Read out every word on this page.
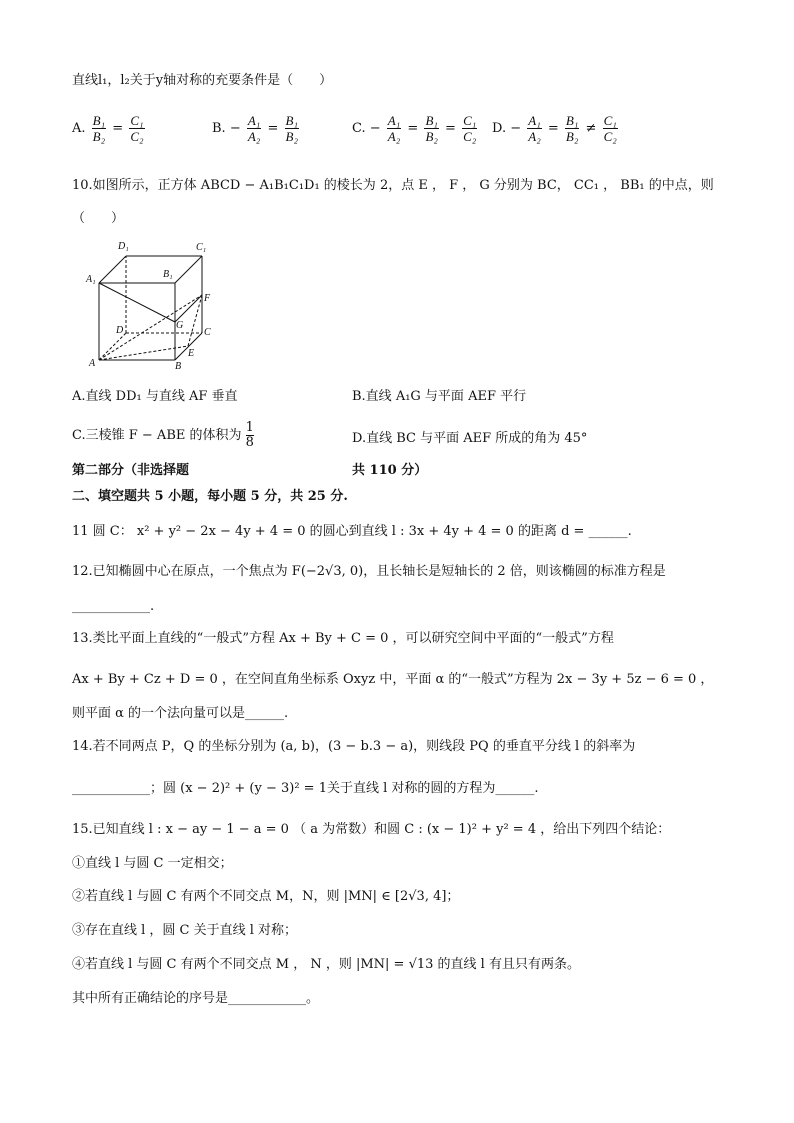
直线l₁，l₂关于y轴对称的充要条件是（　　）
A. $\frac{\text{B₁}}{\text{B₂}} = \frac{\text{C₁}}{\text{C₂}}$	B. − $\frac{\text{A₁}}{\text{A₂}} = \frac{\text{B₁}}{\text{B₂}}$	C. − $\frac{\text{A₁}}{\text{A₂}} = \frac{\text{B₁}}{\text{B₂}} = \frac{\text{C₁}}{\text{C₂}} D$. − $\frac{\text{A₁}}{\text{A₂}} = \frac{\text{B₁}}{\text{B₂}} \ne \frac{\text{C₁}}{\text{C₂}}$
10.如图所示，正方体 ABCD − A₁B₁C₁D₁ 的棱长为 2，点 E ， F ， G 分别为 BC， CC₁ ， BB₁ 的中点，则
（　　）
D₁	C₁
A₁	B₁
F
G
D	C
A	B
E
A.直线 DD₁ 与直线 AF 垂直	B.直线 A₁G 与平面 AEF 平行
C.三棱锥 F − ABE 的体积为 $\frac{1}{8}$	D.直线 BC 与平面 AEF 所成的角为 45°
第二部分（非选择题	共 110 分）
二、填空题共 5 小题，每小题 5 分，共 25 分.
11 圆 C： x² + y² − 2x − 4y + 4 = 0 的圆心到直线 l : 3x + 4y + 4 = 0 的距离 d = ______.
12.已知椭圆中心在原点，一个焦点为 F(−2√3, 0)，且长轴长是短轴长的 2 倍，则该椭圆的标准方程是
____________.
13.类比平面上直线的“一般式”方程 Ax + By + C = 0 ，可以研究空间中平面的“一般式”方程
Ax + By + Cz + D = 0 ，在空间直角坐标系 Oxyz 中，平面 α 的“一般式”方程为 2x − 3y + 5z − 6 = 0 ，
则平面 α 的一个法向量可以是______.
14.若不同两点 P，Q 的坐标分别为 (a, b)，(3 − b.3 − a)，则线段 PQ 的垂直平分线 l 的斜率为
____________；圆 (x − 2)² + (y − 3)² = 1关于直线 l 对称的圆的方程为______.
15.已知直线 l : x − ay − 1 − a = 0 （ a 为常数）和圆 C : (x − 1)² + y² = 4 ，给出下列四个结论：
①直线 l 与圆 C 一定相交；
②若直线 l 与圆 C 有两个不同交点 M，N，则 |MN| ∈ [2√3, 4]；
③存在直线 l ，圆 C 关于直线 l 对称；
④若直线 l 与圆 C 有两个不同交点 M ， N ，则 |MN| = √13 的直线 l 有且只有两条。
其中所有正确结论的序号是____________。
